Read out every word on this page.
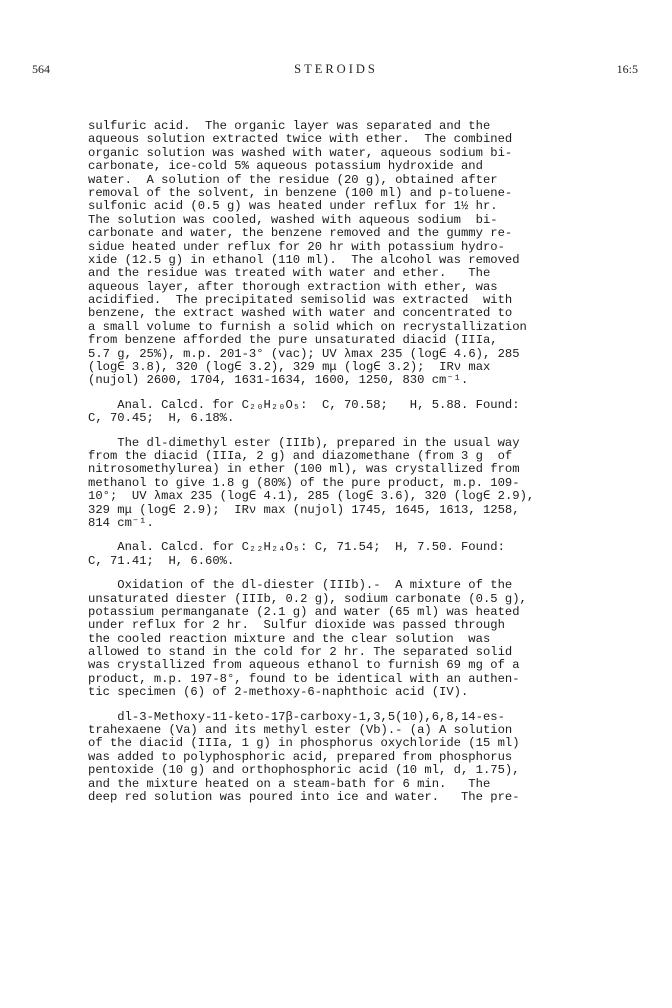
564	STEROIDS	16:5
sulfuric acid.  The organic layer was separated and the
aqueous solution extracted twice with ether.  The combined
organic solution was washed with water, aqueous sodium bi-
carbonate, ice-cold 5% aqueous potassium hydroxide and
water.  A solution of the residue (20 g), obtained after
removal of the solvent, in benzene (100 ml) and p-toluene-
sulfonic acid (0.5 g) was heated under reflux for 1½ hr.
The solution was cooled, washed with aqueous sodium  bi-
carbonate and water, the benzene removed and the gummy re-
sidue heated under reflux for 20 hr with potassium hydro-
xide (12.5 g) in ethanol (110 ml).  The alcohol was removed
and the residue was treated with water and ether.   The
aqueous layer, after thorough extraction with ether, was
acidified.  The precipitated semisolid was extracted  with
benzene, the extract washed with water and concentrated to
a small volume to furnish a solid which on recrystallization
from benzene afforded the pure unsaturated diacid (IIIa,
5.7 g, 25%), m.p. 201-3° (vac); UV λmax 235 (log∈ 4.6), 285
(log∈ 3.8), 320 (log∈ 3.2), 329 mμ (log∈ 3.2);  IRν max
(nujol) 2600, 1704, 1631-1634, 1600, 1250, 830 cm⁻¹.
Anal. Calcd. for C₂₀H₂₀O₅:  C, 70.58;   H, 5.88. Found:
C, 70.45;  H, 6.18%.
The dl-dimethyl ester (IIIb), prepared in the usual way
from the diacid (IIIa, 2 g) and diazomethane (from 3 g  of
nitrosomethylurea) in ether (100 ml), was crystallized from
methanol to give 1.8 g (80%) of the pure product, m.p. 109-
10°;  UV λmax 235 (log∈ 4.1), 285 (log∈ 3.6), 320 (log∈ 2.9),
329 mμ (log∈ 2.9);  IRν max (nujol) 1745, 1645, 1613, 1258,
814 cm⁻¹.
Anal. Calcd. for C₂₂H₂₄O₅: C, 71.54;  H, 7.50. Found:
C, 71.41;  H, 6.60%.
Oxidation of the dl-diester (IIIb).-  A mixture of the
unsaturated diester (IIIb, 0.2 g), sodium carbonate (0.5 g),
potassium permanganate (2.1 g) and water (65 ml) was heated
under reflux for 2 hr.  Sulfur dioxide was passed through
the cooled reaction mixture and the clear solution  was
allowed to stand in the cold for 2 hr. The separated solid
was crystallized from aqueous ethanol to furnish 69 mg of a
product, m.p. 197-8°, found to be identical with an authen-
tic specimen (6) of 2-methoxy-6-naphthoic acid (IV).
dl-3-Methoxy-11-keto-17β-carboxy-1,3,5(10),6,8,14-es-
trahexaene (Va) and its methyl ester (Vb).- (a) A solution
of the diacid (IIIa, 1 g) in phosphorus oxychloride (15 ml)
was added to polyphosphoric acid, prepared from phosphorus
pentoxide (10 g) and orthophosphoric acid (10 ml, d, 1.75),
and the mixture heated on a steam-bath for 6 min.   The
deep red solution was poured into ice and water.   The pre-
